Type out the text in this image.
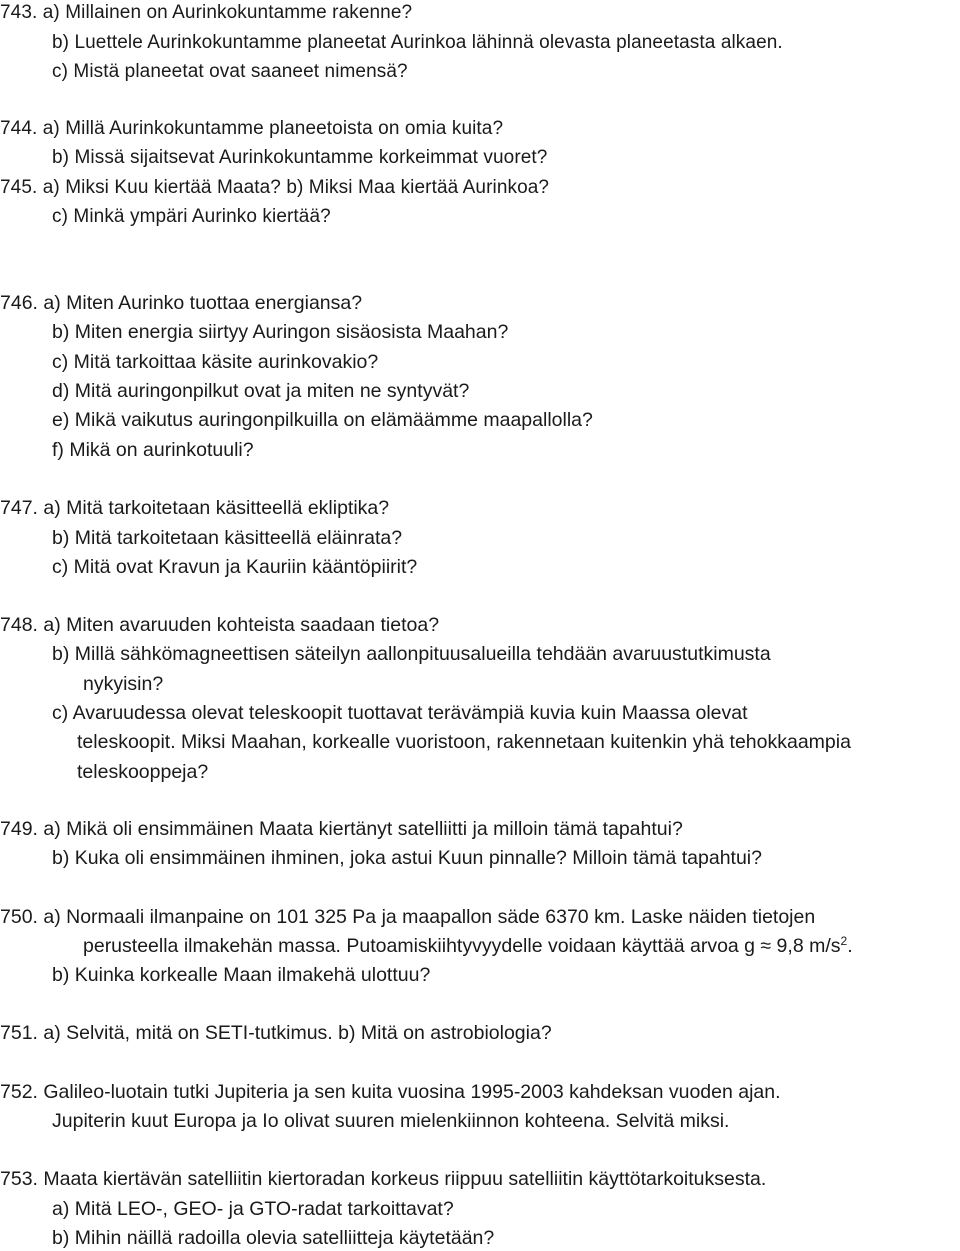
743. a) Millainen on Aurinkokuntamme rakenne?
b) Luettele Aurinkokuntamme planeetat Aurinkoa lähinnä olevasta planeetasta alkaen.
c) Mistä planeetat ovat saaneet nimensä?
744. a) Millä Aurinkokuntamme planeetoista on omia kuita?
b) Missä sijaitsevat Aurinkokuntamme korkeimmat vuoret?
745. a) Miksi Kuu kiertää Maata? b) Miksi Maa kiertää Aurinkoa?
c) Minkä ympäri Aurinko kiertää?
746. a) Miten Aurinko tuottaa energiansa?
b) Miten energia siirtyy Auringon sisäosista Maahan?
c) Mitä tarkoittaa käsite aurinkovakio?
d) Mitä auringonpilkut ovat ja miten ne syntyvät?
e) Mikä vaikutus auringonpilkuilla on elämäämme maapallolla?
f) Mikä on aurinkotuuli?
747. a) Mitä tarkoitetaan käsitteellä ekliptika?
b) Mitä tarkoitetaan käsitteellä eläinrata?
c) Mitä ovat Kravun ja Kauriin kääntöpiirit?
748. a) Miten avaruuden kohteista saadaan tietoa?
b) Millä sähkömagneettisen säteilyn aallonpituusalueilla tehdään avaruustutkimusta
nykyisin?
c) Avaruudessa olevat teleskoopit tuottavat terävämpiä kuvia kuin Maassa olevat
teleskoopit. Miksi Maahan, korkealle vuoristoon, rakennetaan kuitenkin yhä tehokkaampia
teleskooppeja?
749. a) Mikä oli ensimmäinen Maata kiertänyt satelliitti ja milloin tämä tapahtui?
b) Kuka oli ensimmäinen ihminen, joka astui Kuun pinnalle? Milloin tämä tapahtui?
750. a) Normaali ilmanpaine on 101 325 Pa ja maapallon säde 6370 km. Laske näiden tietojen
perusteella ilmakehän massa. Putoamiskiihtyvyydelle voidaan käyttää arvoa g ≈ 9,8 $m/s^2$.
b) Kuinka korkealle Maan ilmakehä ulottuu?
751. a) Selvitä, mitä on SETI-tutkimus. b) Mitä on astrobiologia?
752. Galileo-luotain tutki Jupiteria ja sen kuita vuosina 1995-2003 kahdeksan vuoden ajan.
Jupiterin kuut Europa ja Io olivat suuren mielenkiinnon kohteena. Selvitä miksi.
753. Maata kiertävän satelliitin kiertoradan korkeus riippuu satelliitin käyttötarkoituksesta.
a) Mitä LEO-, GEO- ja GTO-radat tarkoittavat?
b) Mihin näillä radoilla olevia satelliitteja käytetään?
